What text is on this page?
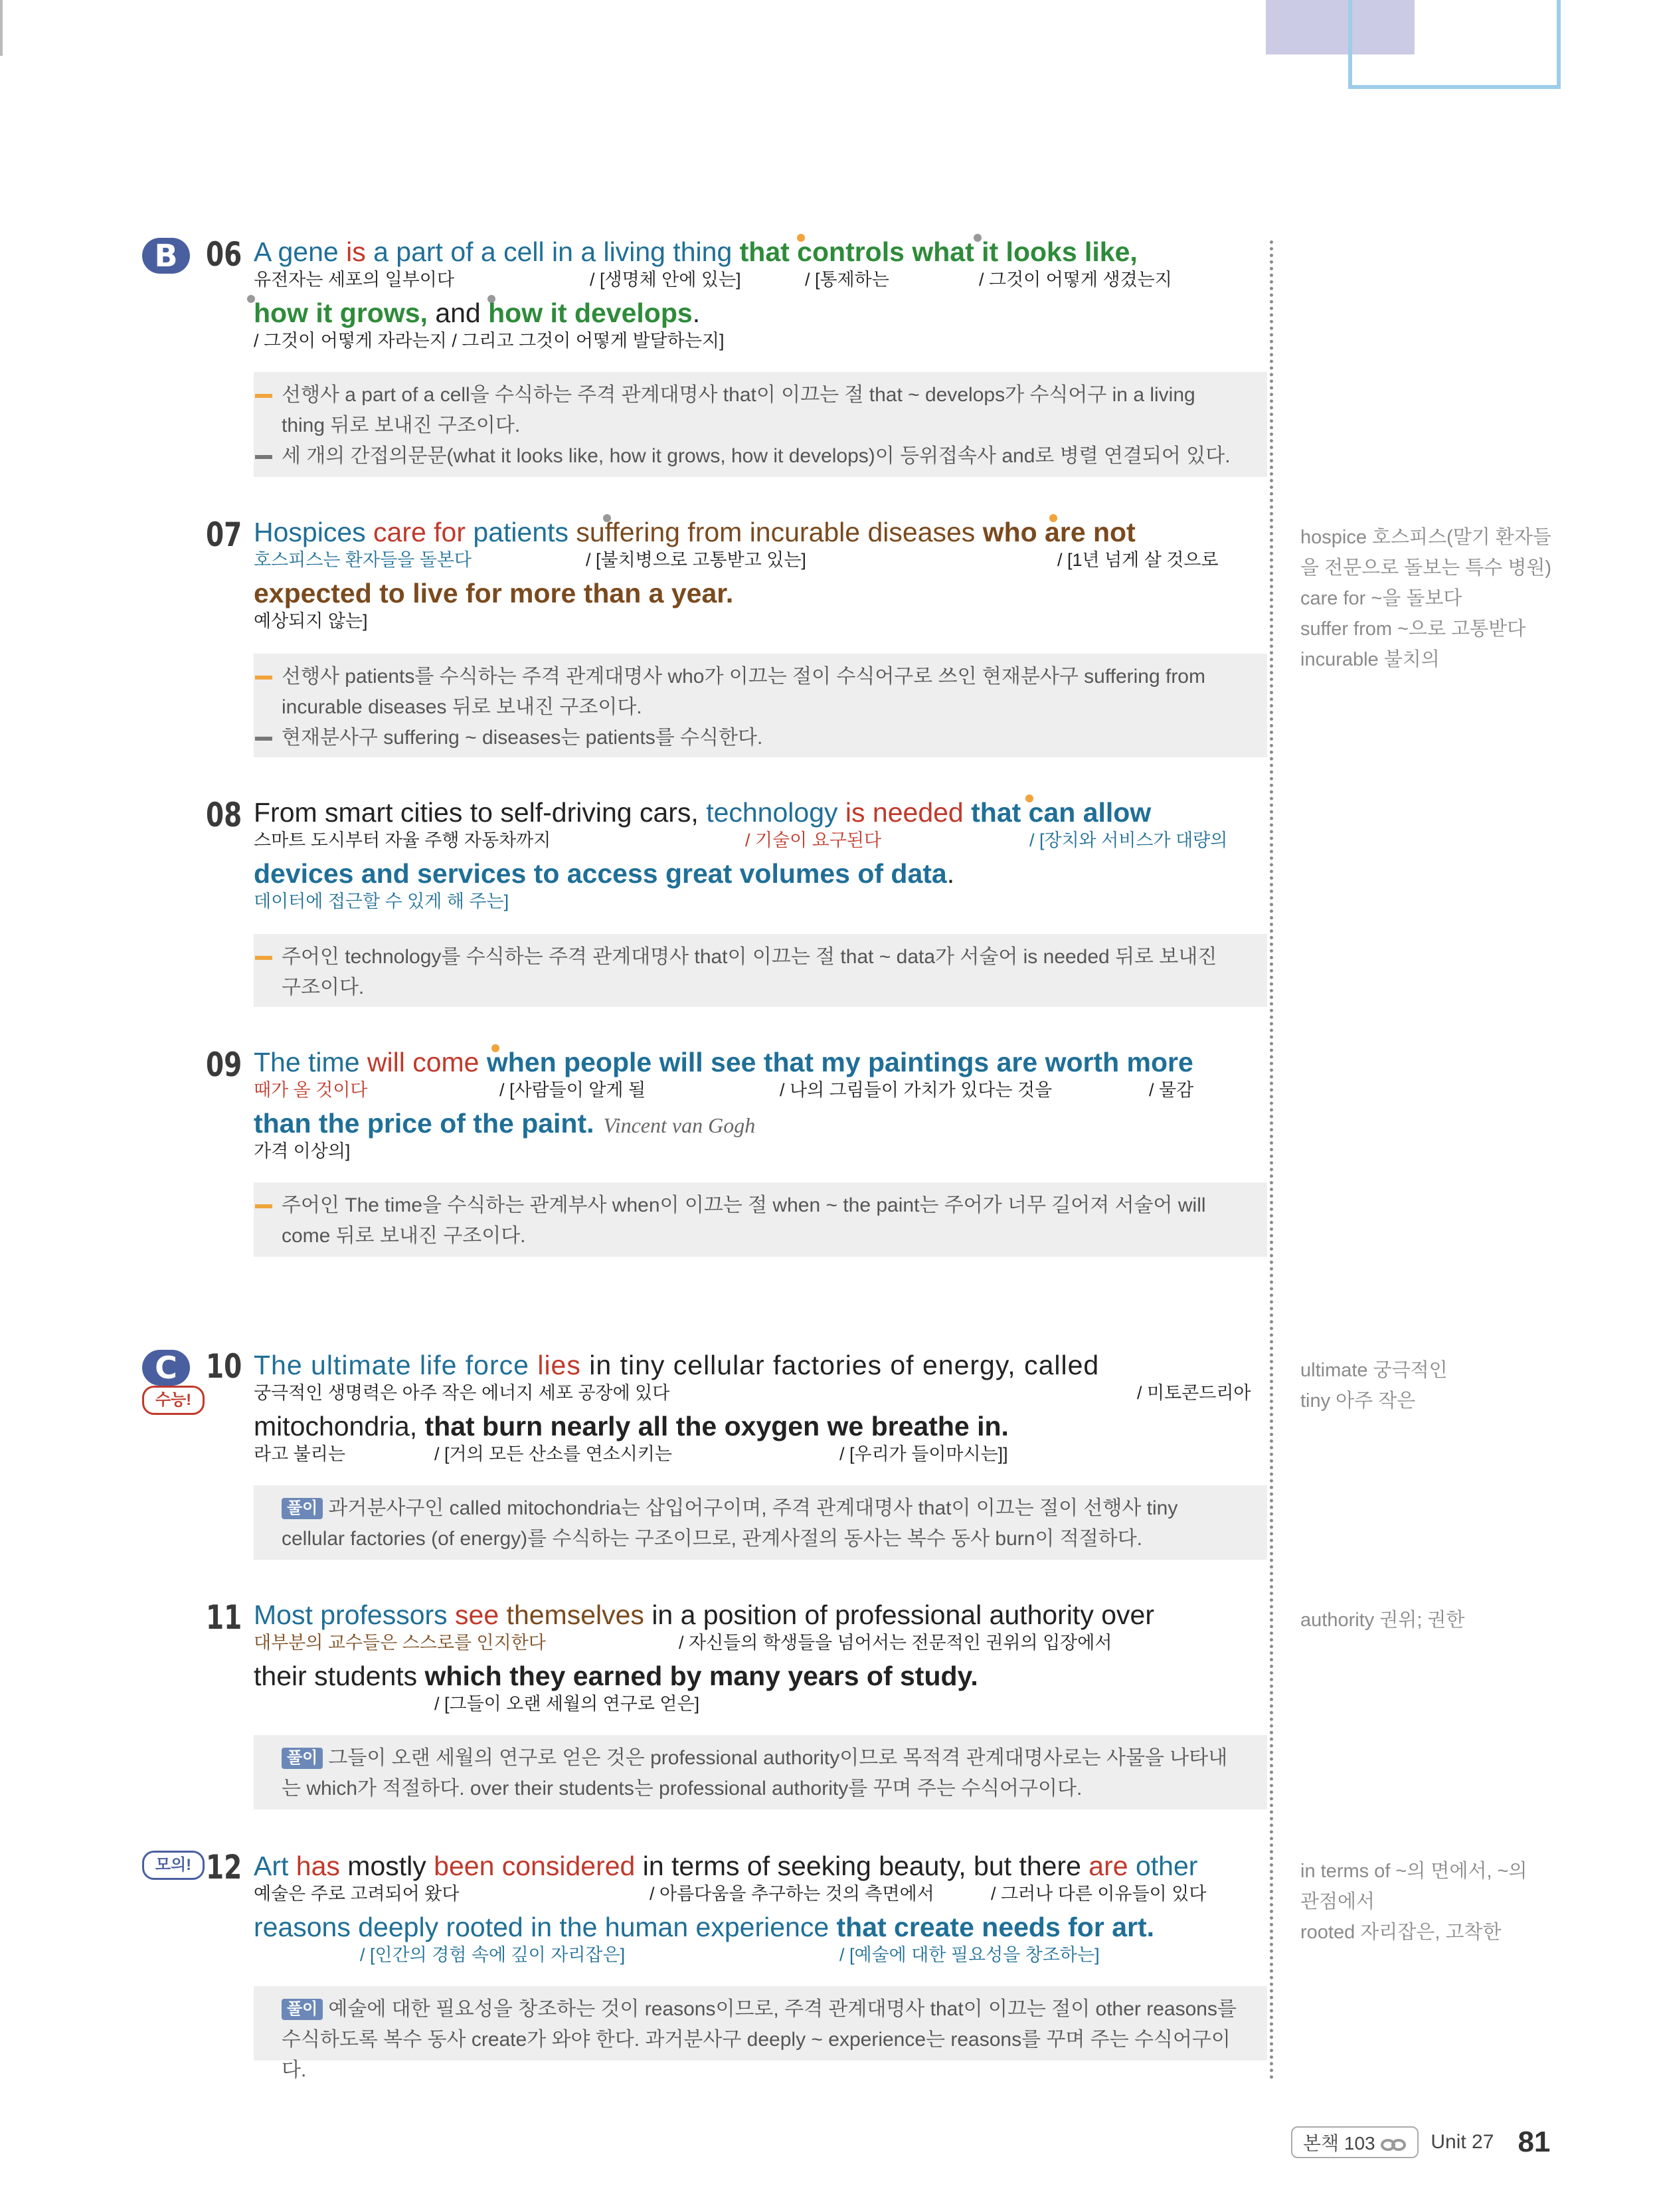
B 06 A gene is a part of a cell in a living thing that controls what it looks like,
유전자는 세포의 일부이다	/ [생명체 안에 있는]	/ [통제하는	/ 그것이 어떻게 생겼는지
how it grows, and how it develops.
/ 그것이 어떻게 자라는지 / 그리고 그것이 어떻게 발달하는지]
선행사 a part of a cell을 수식하는 주격 관계대명사 that이 이끄는 절 that ~ develops가 수식어구 in a living
thing 뒤로 보내진 구조이다.
세 개의 간접의문문(what it looks like, how it grows, how it develops)이 등위접속사 and로 병렬 연결되어 있다.
07 Hospices care for patients suffering from incurable diseases who are not
호스피스는 환자들을 돌본다	/ [불치병으로 고통받고 있는]	/ [1년 넘게 살 것으로
expected to live for more than a year.
예상되지 않는]
선행사 patients를 수식하는 주격 관계대명사 who가 이끄는 절이 수식어구로 쓰인 현재분사구 suffering from
incurable diseases 뒤로 보내진 구조이다.
현재분사구 suffering ~ diseases는 patients를 수식한다.
hospice 호스피스(말기 환자들
을 전문으로 돌보는 특수 병원)
care for ~을 돌보다
suffer from ~으로 고통받다
incurable 불치의
08 From smart cities to self-driving cars, technology is needed that can allow
스마트 도시부터 자율 주행 자동차까지	/ 기술이 요구된다	/ [장치와 서비스가 대량의
devices and services to access great volumes of data.
데이터에 접근할 수 있게 해 주는]
주어인 technology를 수식하는 주격 관계대명사 that이 이끄는 절 that ~ data가 서술어 is needed 뒤로 보내진
구조이다.
09 The time will come when people will see that my paintings are worth more
때가 올 것이다	/ [사람들이 알게 될	/ 나의 그림들이 가치가 있다는 것을	/ 물감
than the price of the paint. Vincent van Gogh
가격 이상의]
주어인 The time을 수식하는 관계부사 when이 이끄는 절 when ~ the paint는 주어가 너무 길어져 서술어 will
come 뒤로 보내진 구조이다.
C 10
수능!
The ultimate life force lies in tiny cellular factories of energy, called
궁극적인 생명력은 아주 작은 에너지 세포 공장에 있다	/ 미토콘드리아
mitochondria, that burn nearly all the oxygen we breathe in.
라고 불리는	/ [거의 모든 산소를 연소시키는	/ [우리가 들이마시는]]
풀이 과거분사구인 called mitochondria는 삽입어구이며, 주격 관계대명사 that이 이끄는 절이 선행사 tiny
cellular factories (of energy)를 수식하는 구조이므로, 관계사절의 동사는 복수 동사 burn이 적절하다.
ultimate 궁극적인
tiny 아주 작은
11 Most professors see themselves in a position of professional authority over
대부분의 교수들은 스스로를 인지한다	/ 자신들의 학생들을 넘어서는 전문적인 권위의 입장에서
their students which they earned by many years of study.
/ [그들이 오랜 세월의 연구로 얻은]
풀이 그들이 오랜 세월의 연구로 얻은 것은 professional authority이므로 목적격 관계대명사로는 사물을 나타내
는 which가 적절하다. over their students는 professional authority를 꾸며 주는 수식어구이다.
authority 권위; 권한
모의! 12 Art has mostly been considered in terms of seeking beauty, but there are other
예술은 주로 고려되어 왔다	/ 아름다움을 추구하는 것의 측면에서	/ 그러나 다른 이유들이 있다
reasons deeply rooted in the human experience that create needs for art.
/ [인간의 경험 속에 깊이 자리잡은]	/ [예술에 대한 필요성을 창조하는]
풀이 예술에 대한 필요성을 창조하는 것이 reasons이므로, 주격 관계대명사 that이 이끄는 절이 other reasons를
수식하도록 복수 동사 create가 와야 한다. 과거분사구 deeply ~ experience는 reasons를 꾸며 주는 수식어구이다.
in terms of ~의 면에서, ~의
관점에서
rooted 자리잡은, 고착한
본책 103	Unit 27 81
